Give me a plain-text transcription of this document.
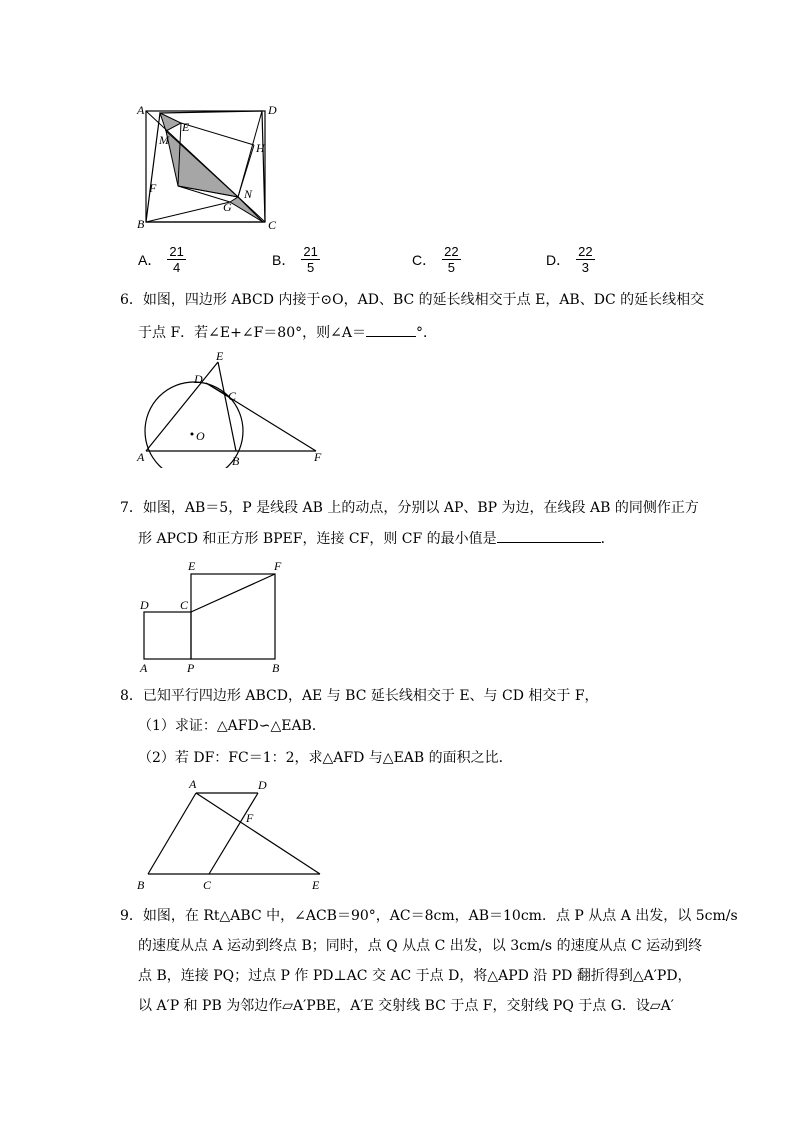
A	D
E
M
H
F	N
G
B	C
A． $\frac{21}{4}$	B． $\frac{21}{5}$	C． $\frac{22}{5}$	D． $\frac{22}{3}$
6．如图，四边形 ABCD 内接于⊙O，AD、BC 的延长线相交于点 E，AB、DC 的延长线相交
于点 F．若∠E+∠F＝80°，则∠A＝	°．
E
D
C
O
A	B	F
7．如图，AB＝5，P 是线段 AB 上的动点，分别以 AP、BP 为边，在线段 AB 的同侧作正方
形 APCD 和正方形 BPEF，连接 CF，则 CF 的最小值是	．
E	F
D	C
A	P	B
8．已知平行四边形 ABCD，AE 与 BC 延长线相交于 E、与 CD 相交于 F，
（1）求证：△AFD∽△EAB．
（2）若 DF：FC＝1：2，求△AFD 与△EAB 的面积之比．
A	D
F
B	C	E
9．如图，在 Rt△ABC 中，∠ACB＝90°，AC＝8cm，AB＝10cm．点 P 从点 A 出发，以 5cm/s
的速度从点 A 运动到终点 B；同时，点 Q 从点 C 出发，以 3cm/s 的速度从点 C 运动到终
点 B，连接 PQ；过点 P 作 PD⊥AC 交 AC 于点 D，将△APD 沿 PD 翻折得到△A′PD，
以 A′P 和 PB 为邻边作▱A′PBE，A′E 交射线 BC 于点 F，交射线 PQ 于点 G．设▱A′
